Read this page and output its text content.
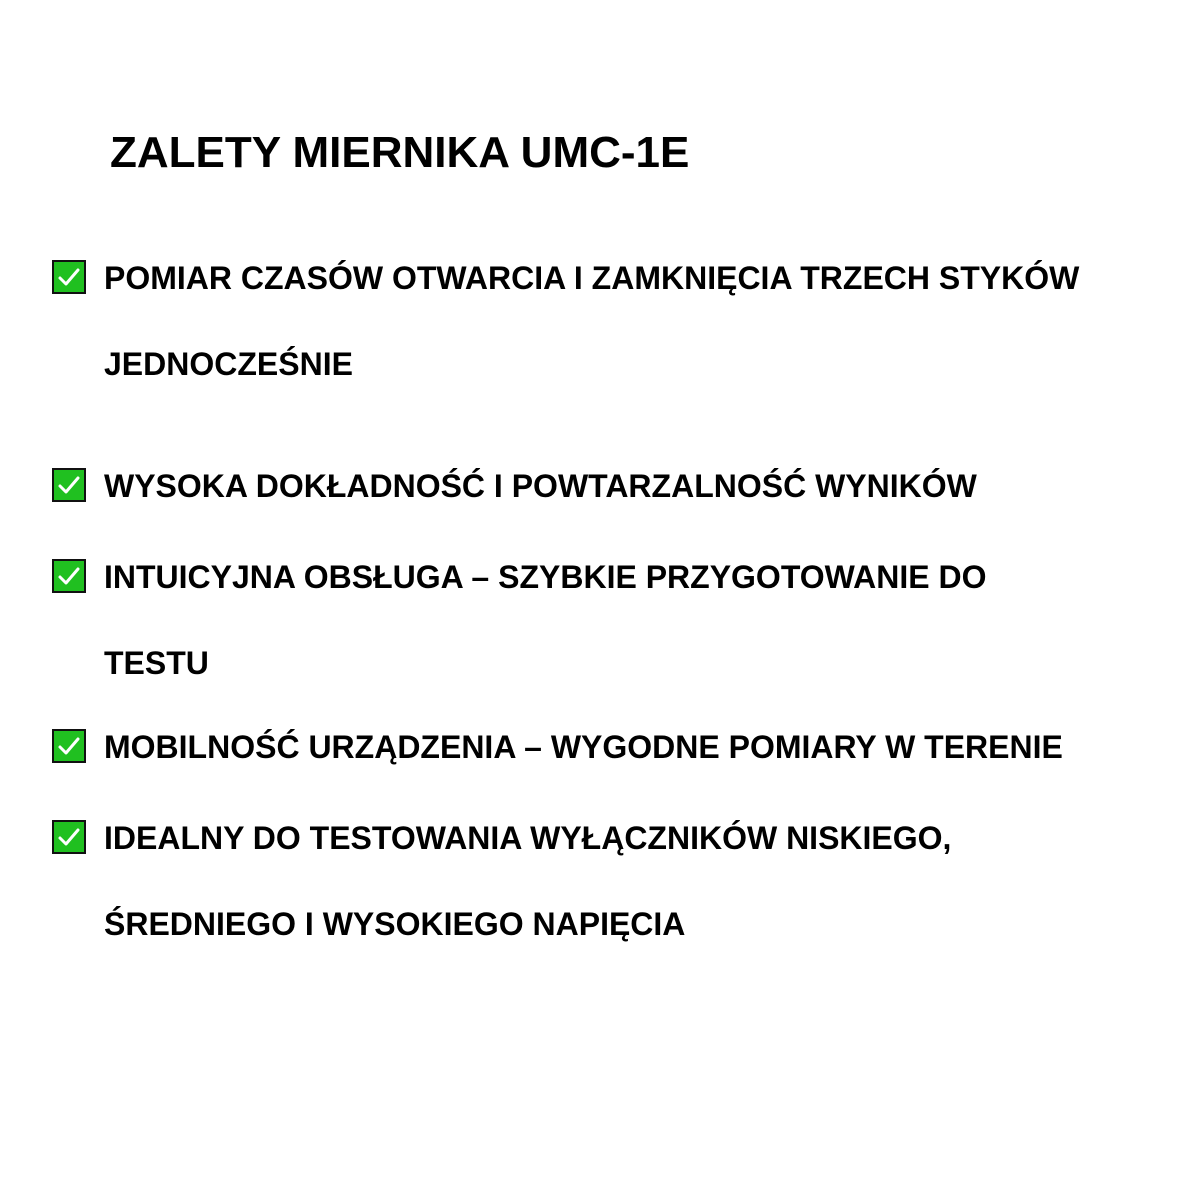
ZALETY MIERNIKA UMC-1E
POMIAR CZASÓW OTWARCIA I ZAMKNIĘCIA TRZECH STYKÓW
JEDNOCZEŚNIE
WYSOKA DOKŁADNOŚĆ I POWTARZALNOŚĆ WYNIKÓW
INTUICYJNA OBSŁUGA – SZYBKIE PRZYGOTOWANIE DO
TESTU
MOBILNOŚĆ URZĄDZENIA – WYGODNE POMIARY W TERENIE
IDEALNY DO TESTOWANIA WYŁĄCZNIKÓW NISKIEGO,
ŚREDNIEGO I WYSOKIEGO NAPIĘCIA
